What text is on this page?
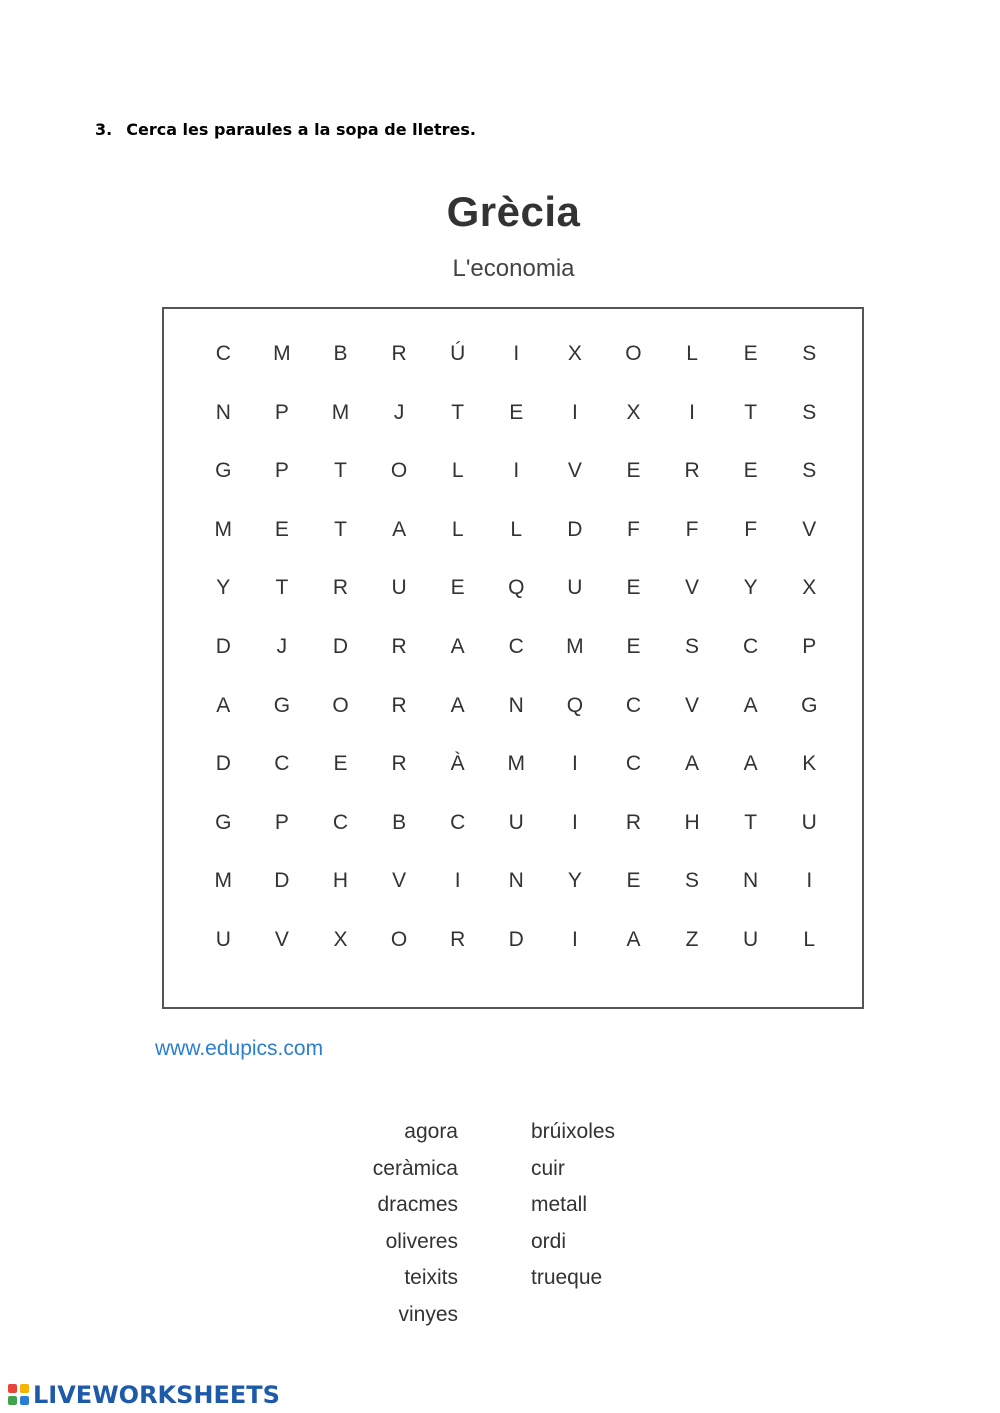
3. Cerca les paraules a la sopa de lletres.
Grècia
L'economia
C	M	B	R	Ú	I	X	O	L	E	S
N	P	M	J	T	E	I	X	I	T	S
G	P	T	O	L	I	V	E	R	E	S
M	E	T	A	L	L	D	F	F	F	V
Y	T	R	U	E	Q	U	E	V	Y	X
D	J	D	R	A	C	M	E	S	C	P
A	G	O	R	A	N	Q	C	V	A	G
D	C	E	R	À	M	I	C	A	A	K
G	P	C	B	C	U	I	R	H	T	U
M	D	H	V	I	N	Y	E	S	N	I
U	V	X	O	R	D	I	A	Z	U	L
www.edupics.com
agora
ceràmica
dracmes
oliveres
teixits
vinyes
brúixoles
cuir
metall
ordi
trueque
LIVEWORKSHEETS
